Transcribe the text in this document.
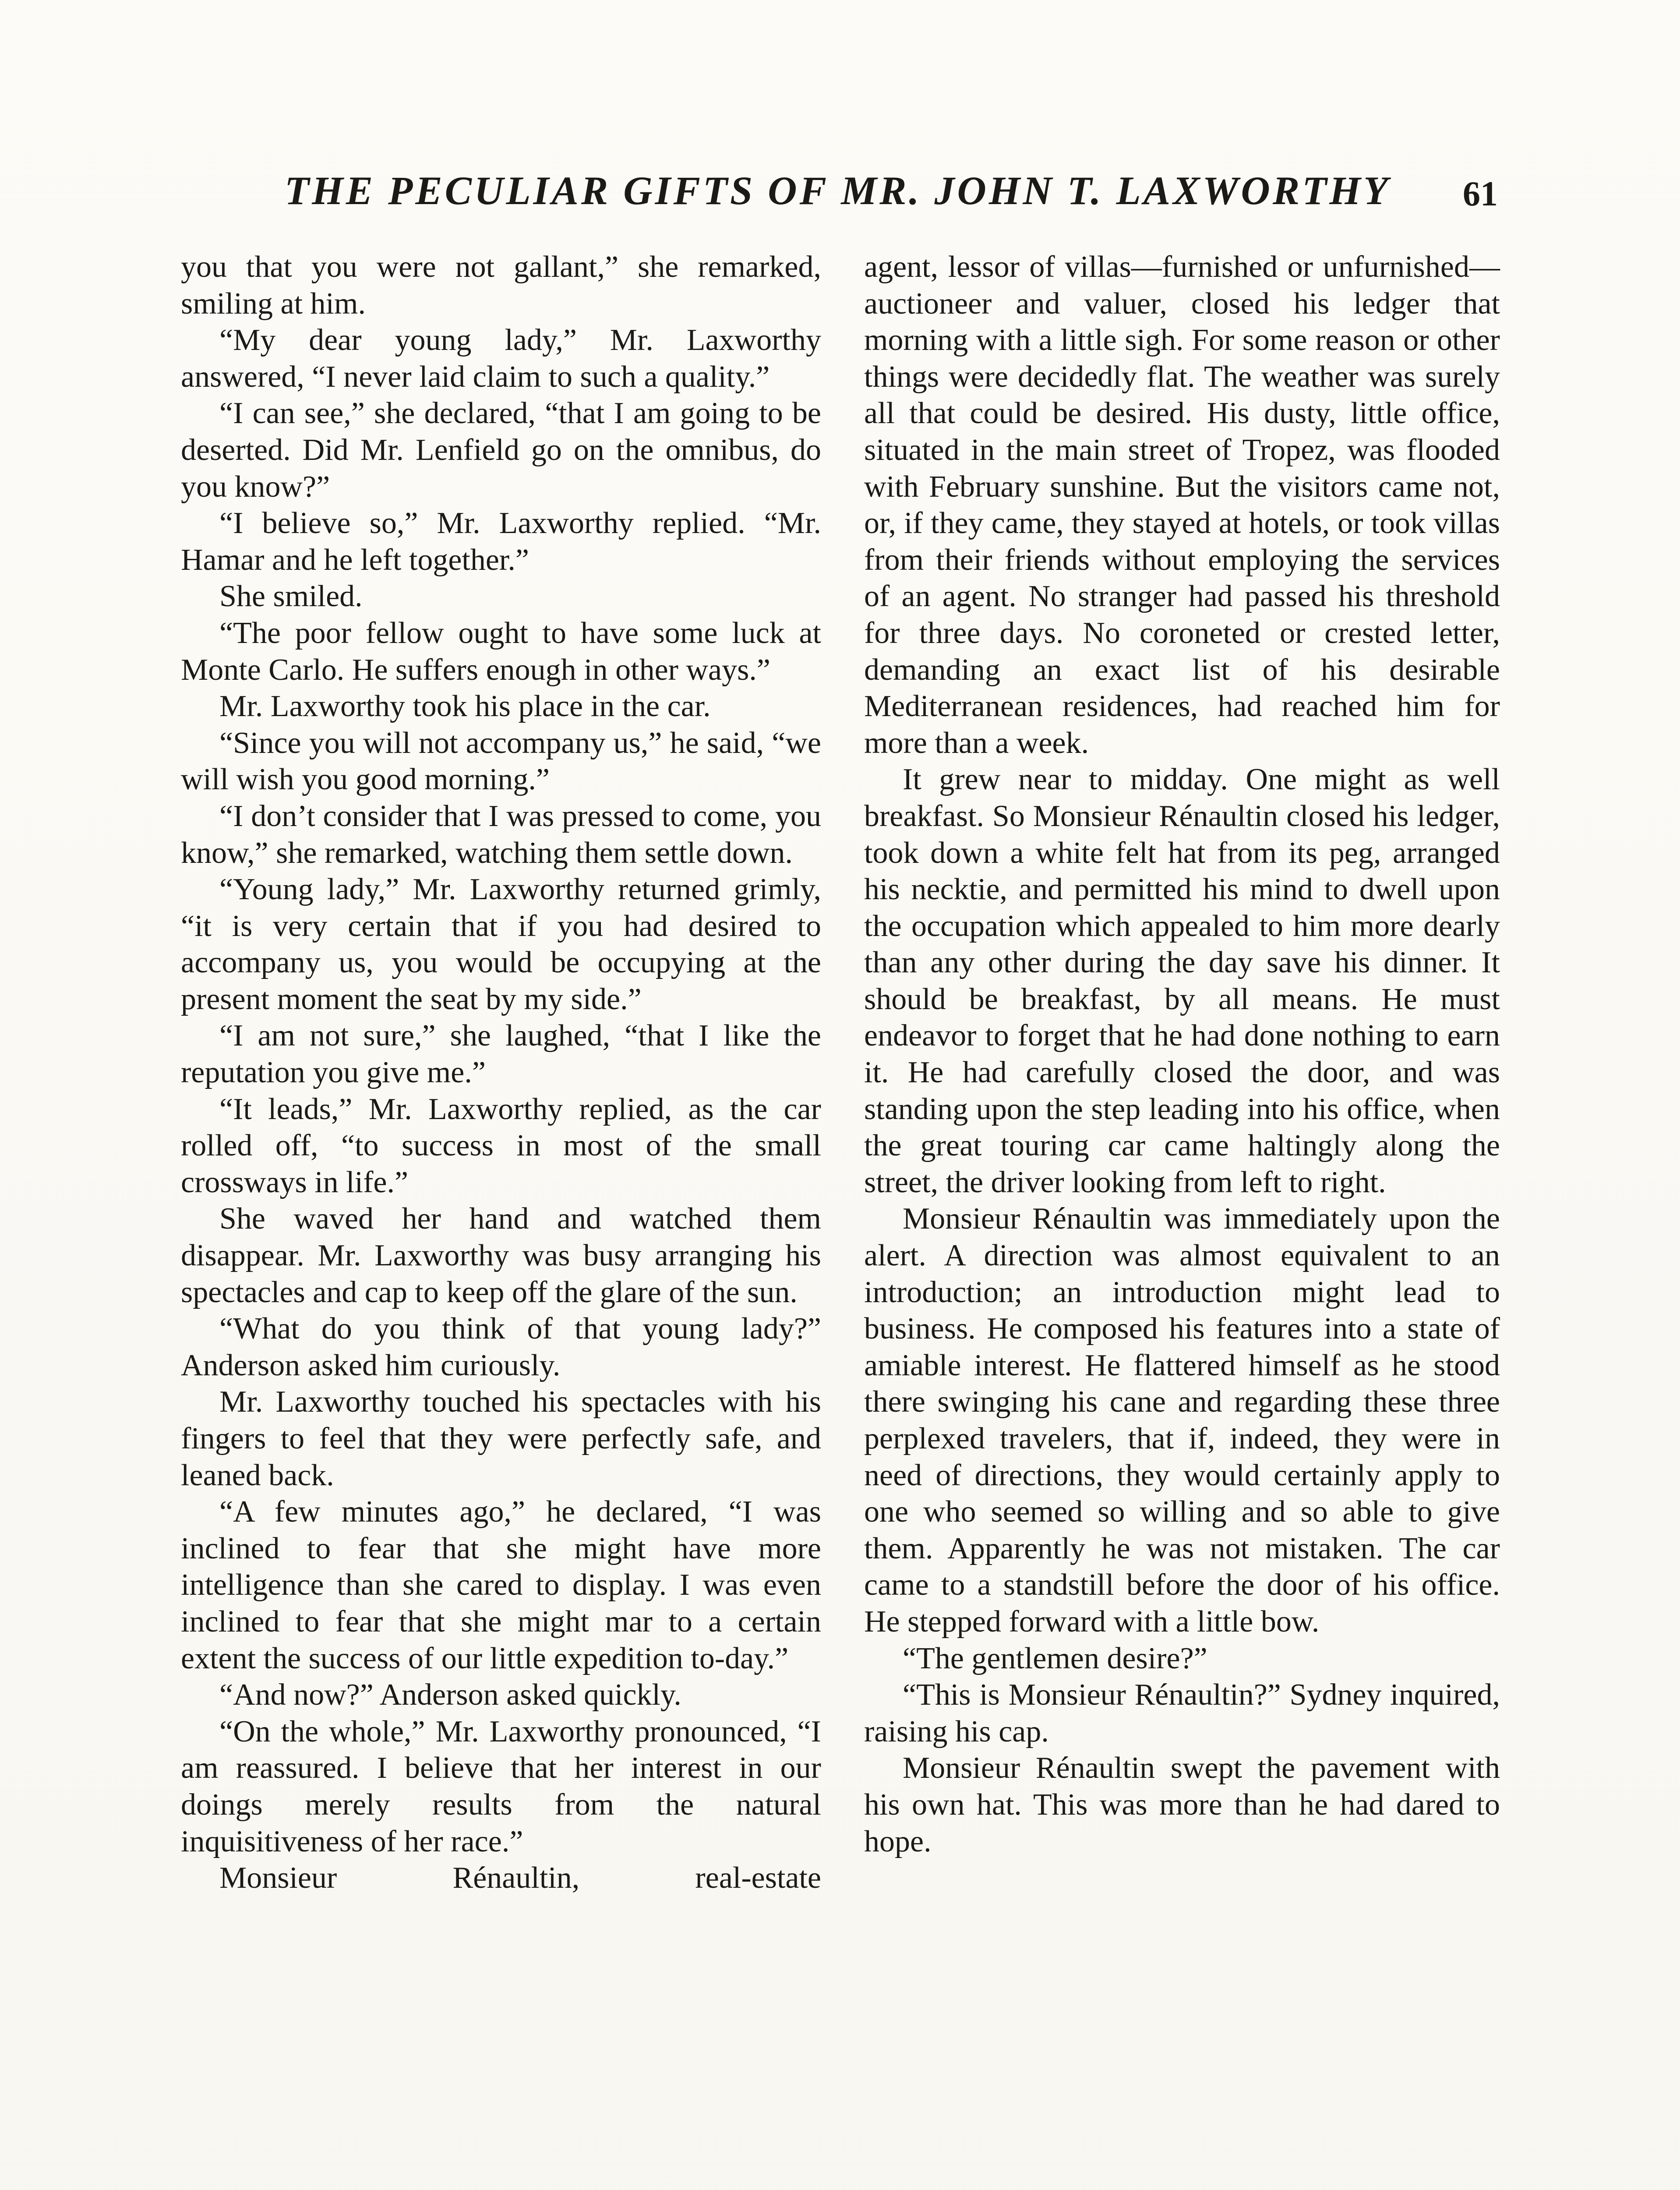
THE PECULIAR GIFTS OF MR. JOHN T. LAXWORTHY 61

you that you were not gallant,” she remarked, smiling at him.

“My dear young lady,” Mr. Laxworthy answered, “I never laid claim to such a quality.”

“I can see,” she declared, “that I am going to be deserted. Did Mr. Lenfield go on the omnibus, do you know?”

“I believe so,” Mr. Laxworthy replied. “Mr. Hamar and he left together.”

She smiled.

“The poor fellow ought to have some luck at Monte Carlo. He suffers enough in other ways.”

Mr. Laxworthy took his place in the car.

“Since you will not accompany us,” he said, “we will wish you good morning.”

“I don’t consider that I was pressed to come, you know,” she remarked, watching them settle down.

“Young lady,” Mr. Laxworthy returned grimly, “it is very certain that if you had desired to accompany us, you would be occupying at the present moment the seat by my side.”

“I am not sure,” she laughed, “that I like the reputation you give me.”

“It leads,” Mr. Laxworthy replied, as the car rolled off, “to success in most of the small crossways in life.”

She waved her hand and watched them disappear. Mr. Laxworthy was busy arranging his spectacles and cap to keep off the glare of the sun.

“What do you think of that young lady?” Anderson asked him curiously.

Mr. Laxworthy touched his spectacles with his fingers to feel that they were perfectly safe, and leaned back.

“A few minutes ago,” he declared, “I was inclined to fear that she might have more intelligence than she cared to display. I was even inclined to fear that she might mar to a certain extent the success of our little expedition to-day.”

“And now?” Anderson asked quickly.

“On the whole,” Mr. Laxworthy pronounced, “I am reassured. I believe that her interest in our doings merely results from the natural inquisitiveness of her race.”

Monsieur Rénaultin, real-estate

agent, lessor of villas—furnished or unfurnished—auctioneer and valuer, closed his ledger that morning with a little sigh. For some reason or other things were decidedly flat. The weather was surely all that could be desired. His dusty, little office, situated in the main street of Tropez, was flooded with February sunshine. But the visitors came not, or, if they came, they stayed at hotels, or took villas from their friends without employing the services of an agent. No stranger had passed his threshold for three days. No coroneted or crested letter, demanding an exact list of his desirable Mediterranean residences, had reached him for more than a week.

It grew near to midday. One might as well breakfast. So Monsieur Rénaultin closed his ledger, took down a white felt hat from its peg, arranged his necktie, and permitted his mind to dwell upon the occupation which appealed to him more dearly than any other during the day save his dinner. It should be breakfast, by all means. He must endeavor to forget that he had done nothing to earn it. He had carefully closed the door, and was standing upon the step leading into his office, when the great touring car came haltingly along the street, the driver looking from left to right.

Monsieur Rénaultin was immediately upon the alert. A direction was almost equivalent to an introduction; an introduction might lead to business. He composed his features into a state of amiable interest. He flattered himself as he stood there swinging his cane and regarding these three perplexed travelers, that if, indeed, they were in need of directions, they would certainly apply to one who seemed so willing and so able to give them. Apparently he was not mistaken. The car came to a standstill before the door of his office. He stepped forward with a little bow.

“The gentlemen desire?”

“This is Monsieur Rénaultin?” Sydney inquired, raising his cap.

Monsieur Rénaultin swept the pavement with his own hat. This was more than he had dared to hope.
